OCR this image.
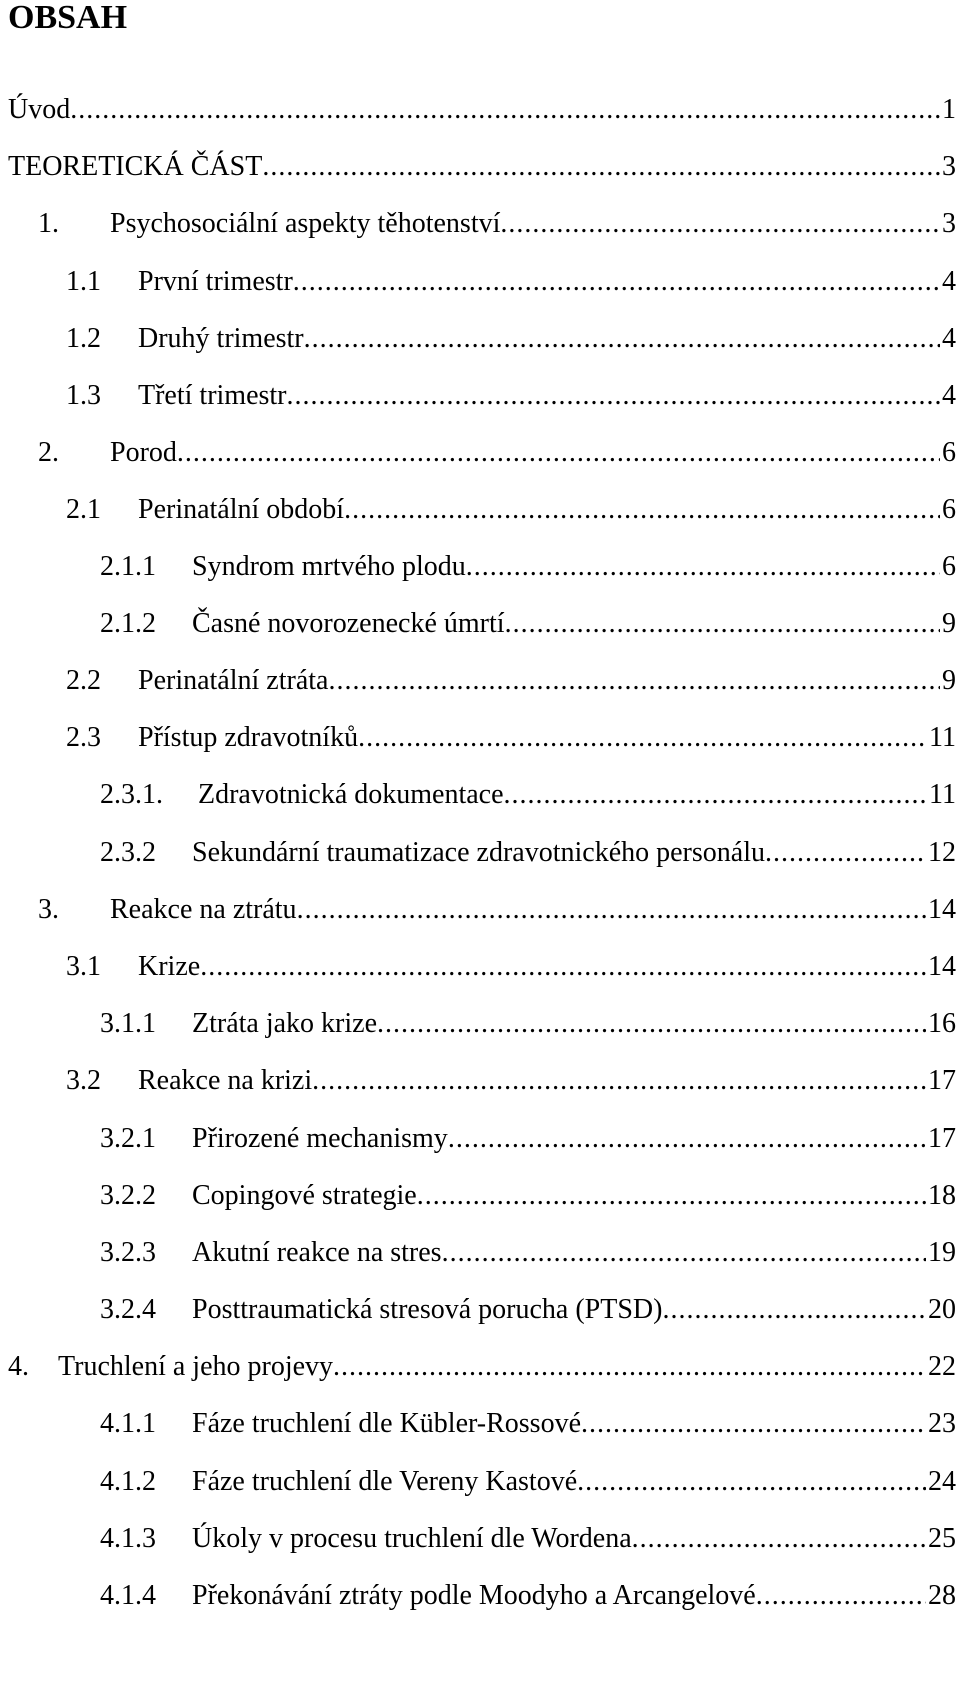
OBSAH
Úvod .....	1
TEORETICKÁ ČÁST .....	3
1.	Psychosociální aspekty těhotenství .....	3
1.1	První trimestr .....	4
1.2	Druhý trimestr .....	4
1.3	Třetí trimestr .....	4
2.	Porod .....	6
2.1	Perinatální období .....	6
2.1.1	Syndrom mrtvého plodu .....	6
2.1.2	Časné novorozenecké úmrtí .....	9
2.2	Perinatální ztráta .....	9
2.3	Přístup zdravotníků .....	11
2.3.1.	Zdravotnická dokumentace .....	11
2.3.2	Sekundární traumatizace zdravotnického personálu .....	12
3.	Reakce na ztrátu .....	14
3.1	Krize .....	14
3.1.1	Ztráta jako krize .....	16
3.2	Reakce na krizi .....	17
3.2.1	Přirozené mechanismy .....	17
3.2.2	Copingové strategie .....	18
3.2.3	Akutní reakce na stres .....	19
3.2.4	Posttraumatická stresová porucha (PTSD) .....	20
4.	Truchlení a jeho projevy .....	22
4.1.1	Fáze truchlení dle Kübler-Rossové .....	23
4.1.2	Fáze truchlení dle Vereny Kastové .....	24
4.1.3	Úkoly v procesu truchlení dle Wordena .....	25
4.1.4	Překonávání ztráty podle Moodyho a Arcangelové .....	28
